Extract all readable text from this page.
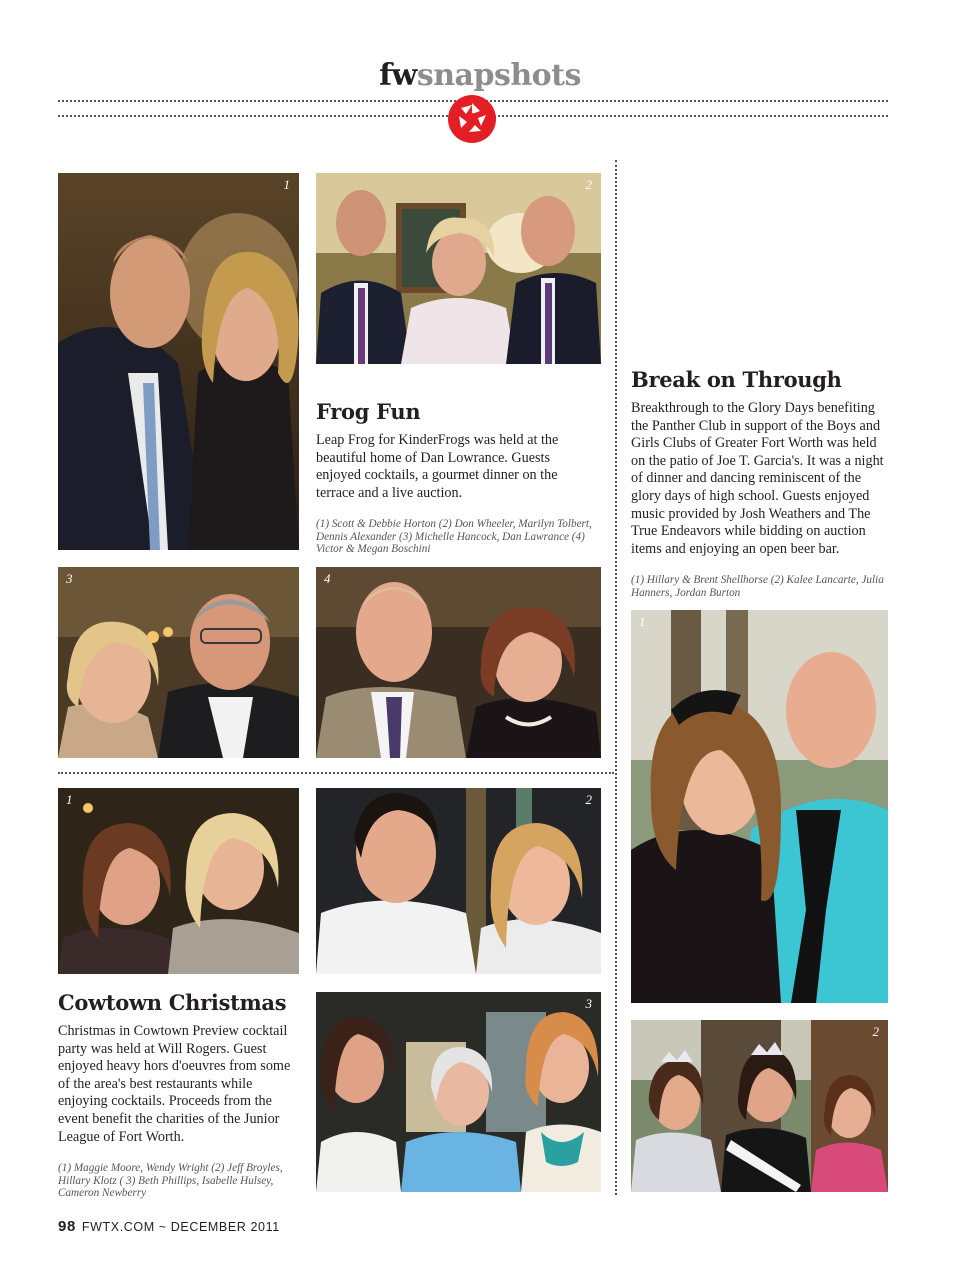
fwsnapshots
1	2
3	4
Frog Fun

Leap Frog for KinderFrogs was held at the beautiful home of Dan Lowrance. Guests enjoyed cocktails, a gourmet dinner on the terrace and a live auction.

(1) Scott & Debbie Horton (2) Don Wheeler, Marilyn Tolbert, Dennis Alexander (3) Michelle Hancock, Dan Lawrance (4) Victor & Megan Boschini
Break on Through

Breakthrough to the Glory Days benefiting the Panther Club in support of the Boys and Girls Clubs of Greater Fort Worth was held on the patio of Joe T. Garcia's. It was a night of dinner and dancing reminiscent of the glory days of high school. Guests enjoyed music provided by Josh Weathers and The True Endeavors while bidding on auction items and enjoying an open beer bar.

(1) Hillary & Brent Shellhorse (2) Kalee Lancarte, Julia Hanners, Jordan Burton
1
2
1	2
3
Cowtown Christmas

Christmas in Cowtown Preview cocktail party was held at Will Rogers. Guest enjoyed heavy hors d'oeuvres from some of the area's best restaurants while enjoying cocktails. Proceeds from the event benefit the charities of the Junior League of Fort Worth.

(1) Maggie Moore, Wendy Wright (2) Jeff Broyles, Hillary Klotz ( 3) Beth Phillips, Isabelle Hulsey, Cameron Newberry
98 FWTX.COM ~ DECEMBER 2011
